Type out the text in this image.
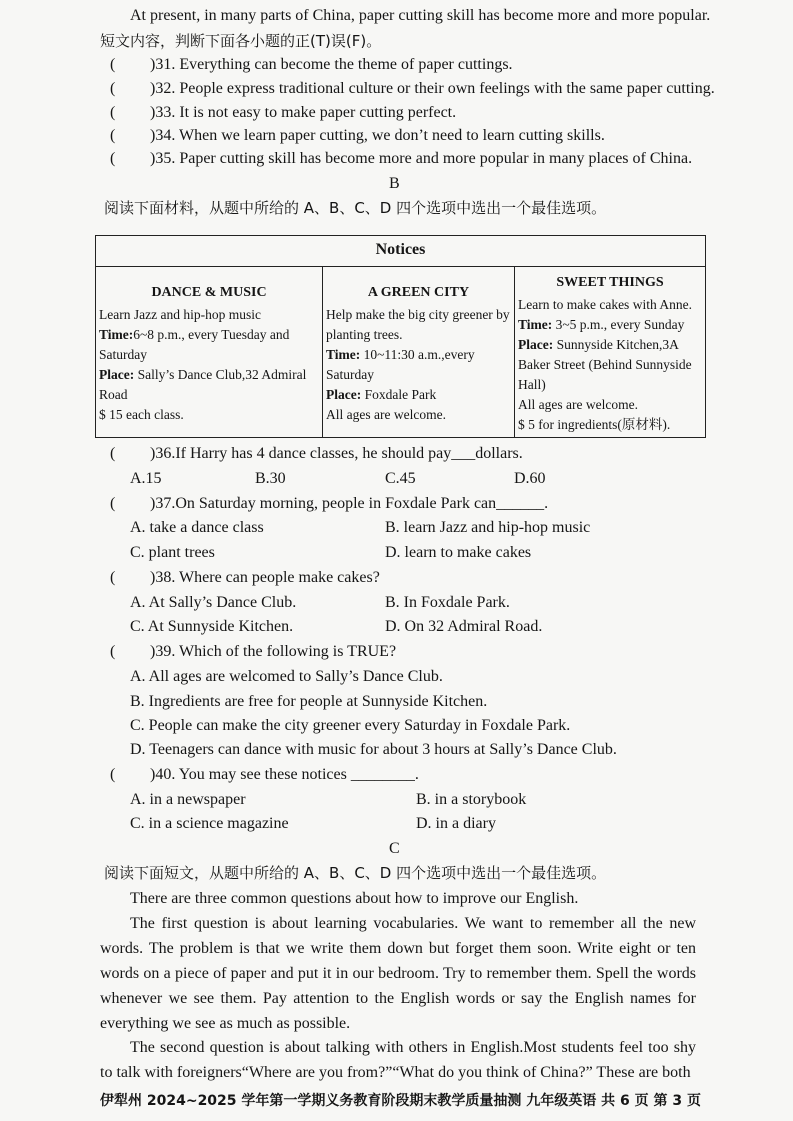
At present, in many parts of China, paper cutting skill has become more and more popular.
短文内容，判断下面各小题的正(T)误(F)。
( )31. Everything can become the theme of paper cuttings.
( )32. People express traditional culture or their own feelings with the same paper cutting.
( )33. It is not easy to make paper cutting perfect.
( )34. When we learn paper cutting, we don’t need to learn cutting skills.
( )35. Paper cutting skill has become more and more popular in many places of China.
B
阅读下面材料，从题中所给的 A、B、C、D 四个选项中选出一个最佳选项。
Notices

DANCE & MUSIC
Learn Jazz and hip-hop music
Time:6~8 p.m., every Tuesday and Saturday
Place: Sally’s Dance Club,32 Admiral Road
$ 15 each class.

A GREEN CITY
Help make the big city greener by planting trees.
Time: 10~11:30 a.m.,every Saturday
Place: Foxdale Park
All ages are welcome.

SWEET THINGS
Learn to make cakes with Anne.
Time: 3~5 p.m., every Sunday
Place: Sunnyside Kitchen,3A Baker Street (Behind Sunnyside Hall)
All ages are welcome.
$ 5 for ingredients(原材料).
( )36.If Harry has 4 dance classes, he should pay___dollars.
A.15	B.30	C.45	D.60
( )37.On Saturday morning, people in Foxdale Park can______.
A. take a dance class	B. learn Jazz and hip-hop music
C. plant trees	D. learn to make cakes
( )38. Where can people make cakes?
A. At Sally’s Dance Club.	B. In Foxdale Park.
C. At Sunnyside Kitchen.	D. On 32 Admiral Road.
( )39. Which of the following is TRUE?
A. All ages are welcomed to Sally’s Dance Club.
B. Ingredients are free for people at Sunnyside Kitchen.
C. People can make the city greener every Saturday in Foxdale Park.
D. Teenagers can dance with music for about 3 hours at Sally’s Dance Club.
( )40. You may see these notices ________.
A. in a newspaper	B. in a storybook
C. in a science magazine	D. in a diary
C
阅读下面短文，从题中所给的 A、B、C、D 四个选项中选出一个最佳选项。
There are three common questions about how to improve our English.
The first question is about learning vocabularies. We want to remember all the new words. The problem is that we write them down but forget them soon. Write eight or ten words on a piece of paper and put it in our bedroom. Try to remember them. Spell the words whenever we see them. Pay attention to the English words or say the English names for everything we see as much as possible.
The second question is about talking with others in English.Most students feel too shy to talk with foreigners“Where are you from?”“What do you think of China?” These are both
伊犁州 2024~2025 学年第一学期义务教育阶段期末教学质量抽测 九年级英语 共 6 页 第 3 页
